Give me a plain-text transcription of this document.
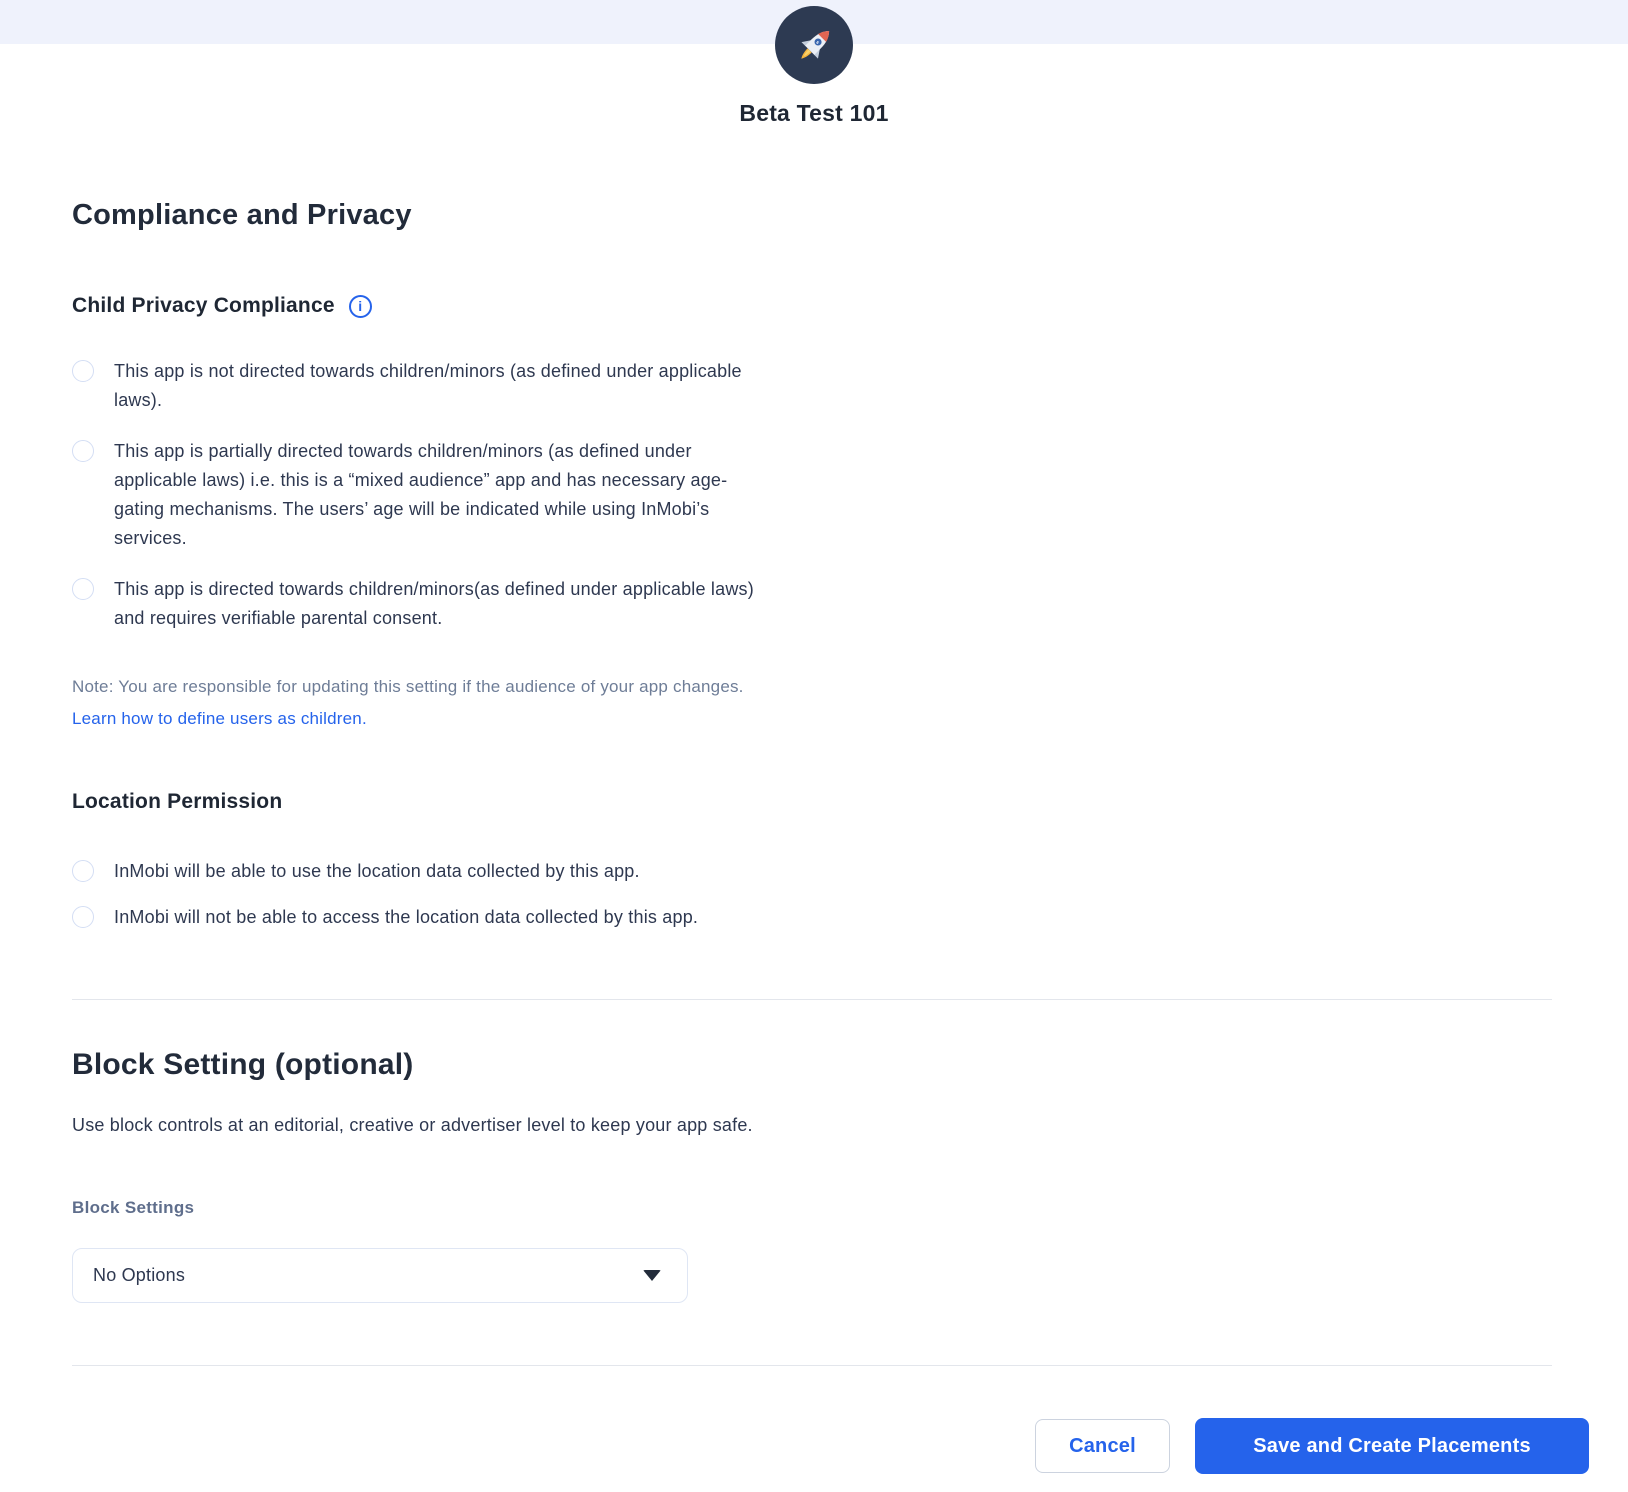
s
Beta Test 101
Compliance and Privacy
Child Privacy Compliance	i
This app is not directed towards children/minors (as defined under applicable laws).
This app is partially directed towards children/minors (as defined under applicable laws) i.e. this is a “mixed audience” app and has necessary age-gating mechanisms. The users’ age will be indicated while using InMobi’s services.
This app is directed towards children/minors(as defined under applicable laws) and requires verifiable parental consent.

Note: You are responsible for updating this setting if the audience of your app changes.

Learn how to define users as children.
Location Permission
InMobi will be able to use the location data collected by this app.
InMobi will not be able to access the location data collected by this app.
Block Setting (optional)

Use block controls at an editorial, creative or advertiser level to keep your app safe.

Block Settings
No Options
Cancel	Save and Create Placements
